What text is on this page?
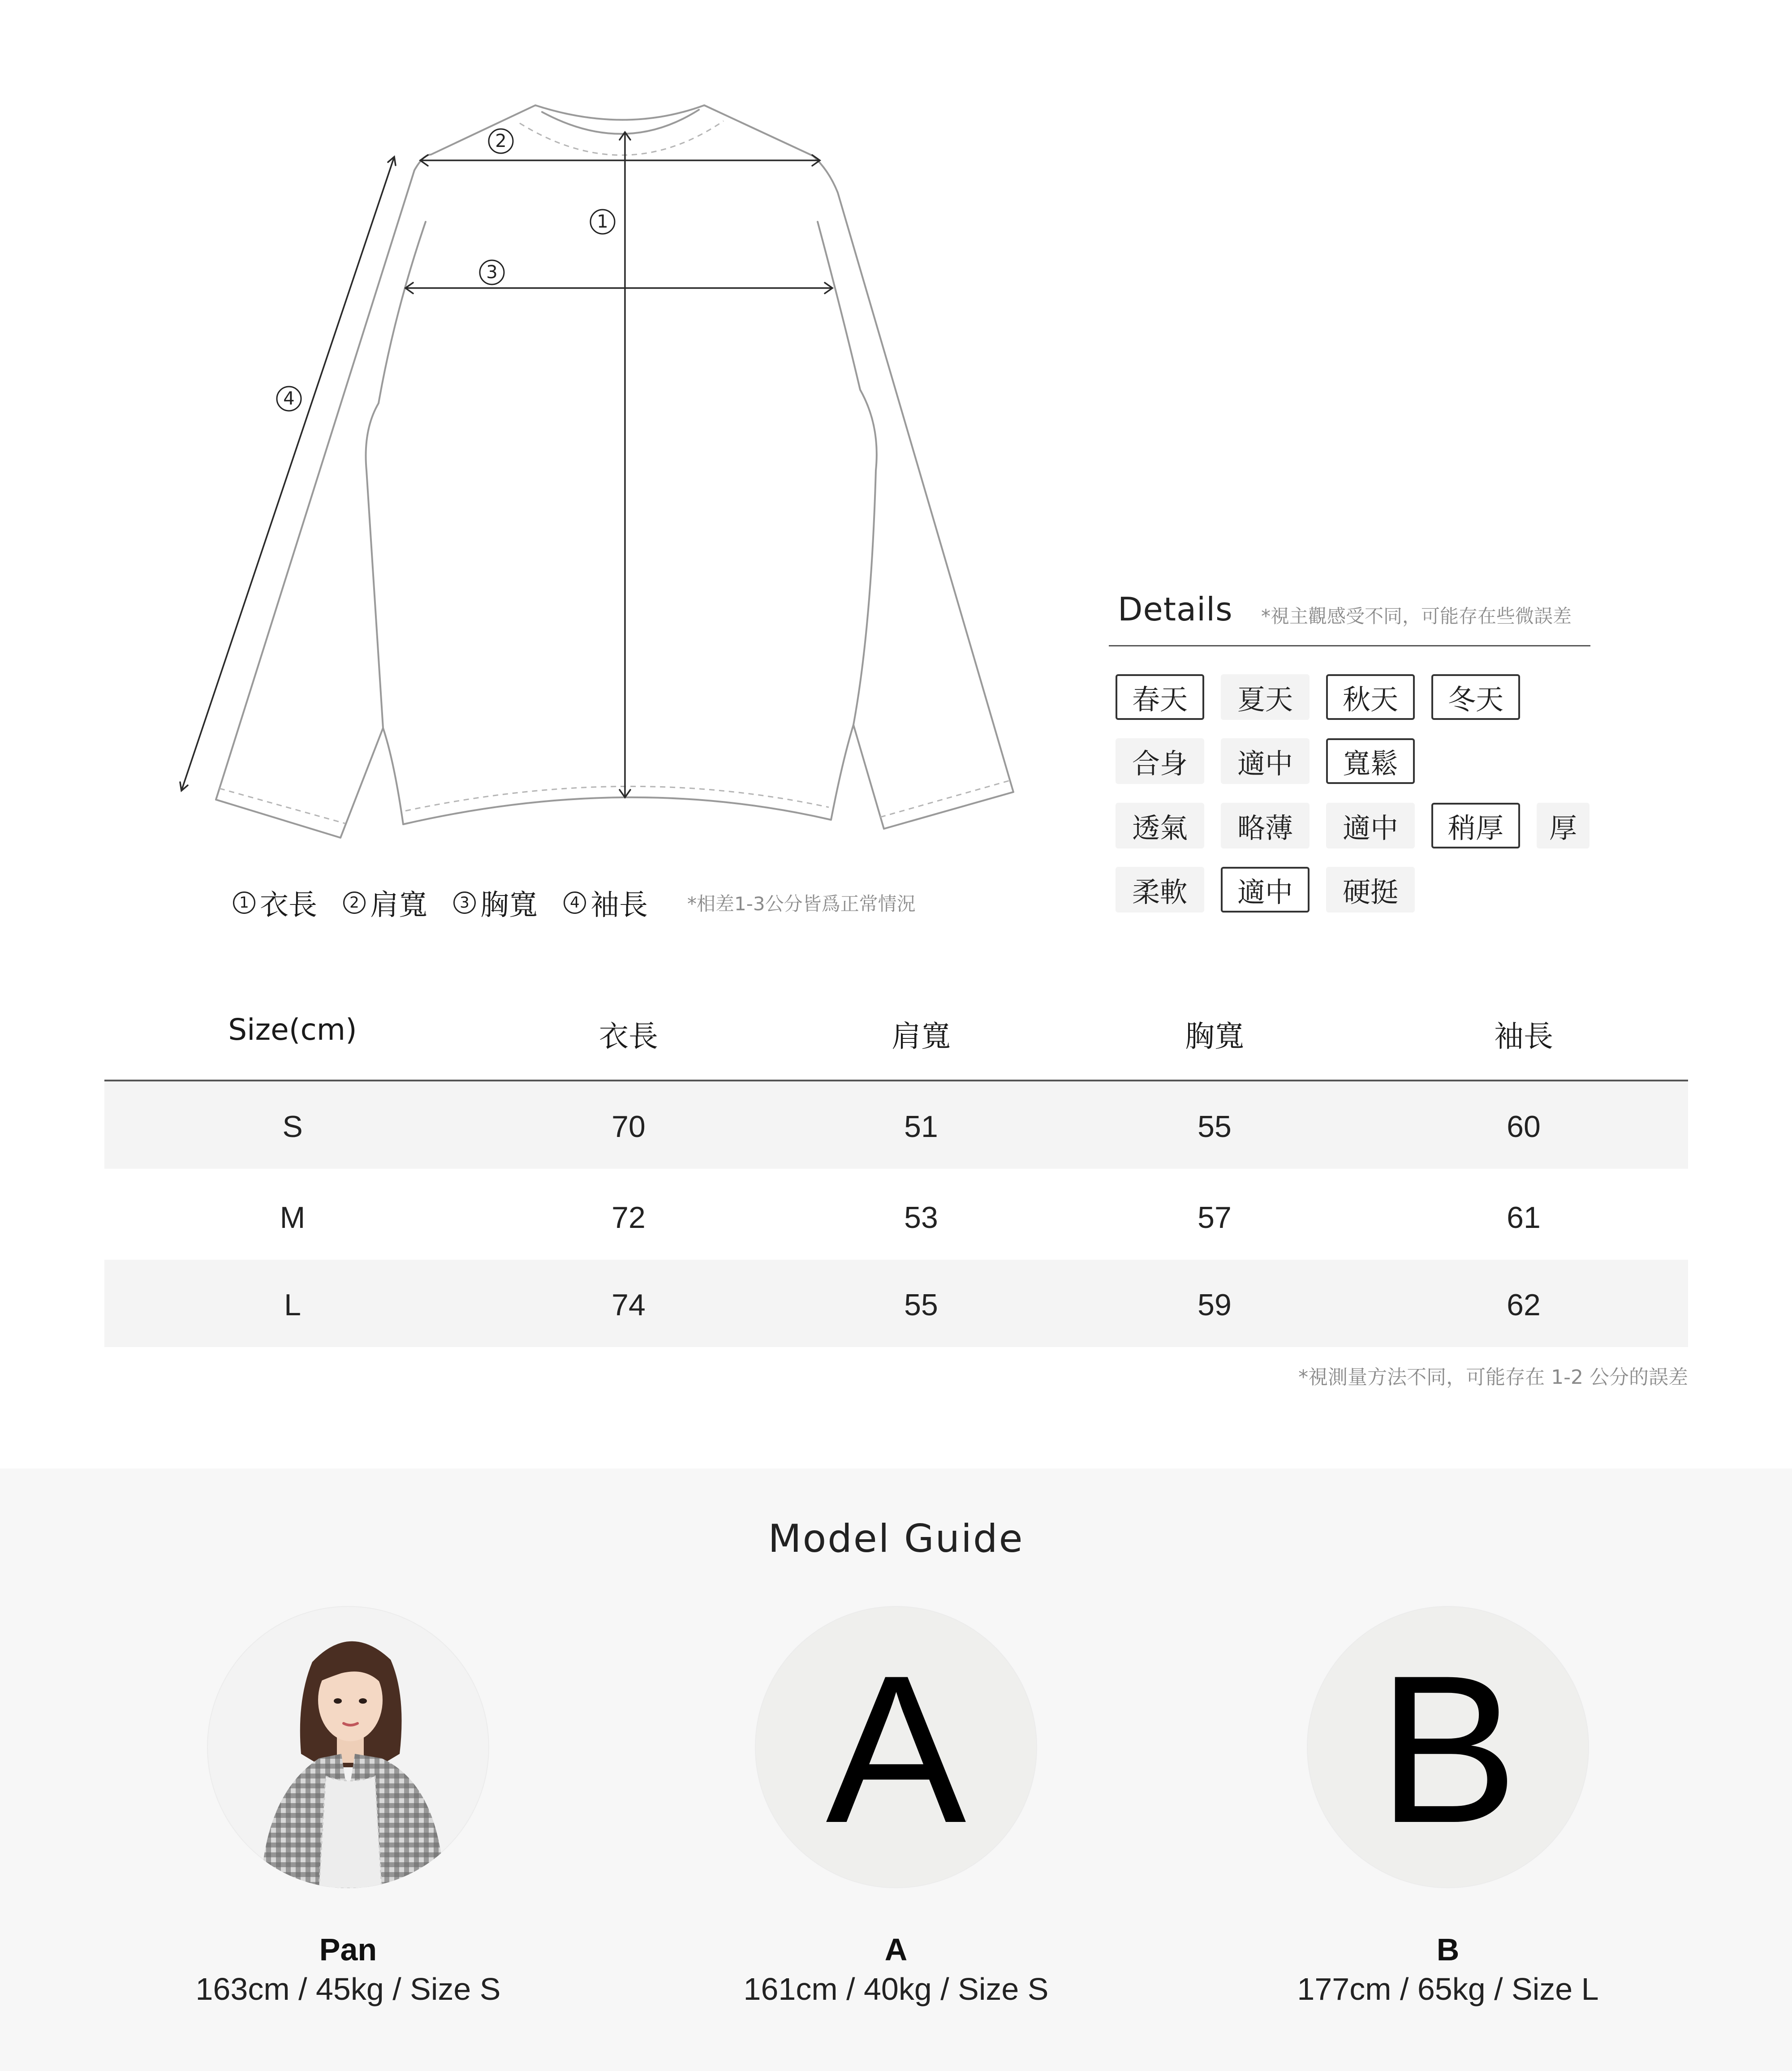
1
2
3
4
1 衣長	2 肩寬	3 胸寬	4 袖長 *相差1-3公分皆爲正常情況
Details *視主觀感受不同，可能存在些微誤差
春天	夏天	秋天	冬天
合身	適中	寬鬆
透氣	略薄	適中	稍厚	厚
柔軟	適中	硬挺
Size(cm)	衣長	肩寬	胸寬	袖長
S	70	51	55	60
M	72	53	57	61
L	74	55	59	62
*視測量方法不同，可能存在 1-2 公分的誤差
Model Guide
A B
Pan
163cm / 45kg / Size S
A
161cm / 40kg / Size S
B
177cm / 65kg / Size L
